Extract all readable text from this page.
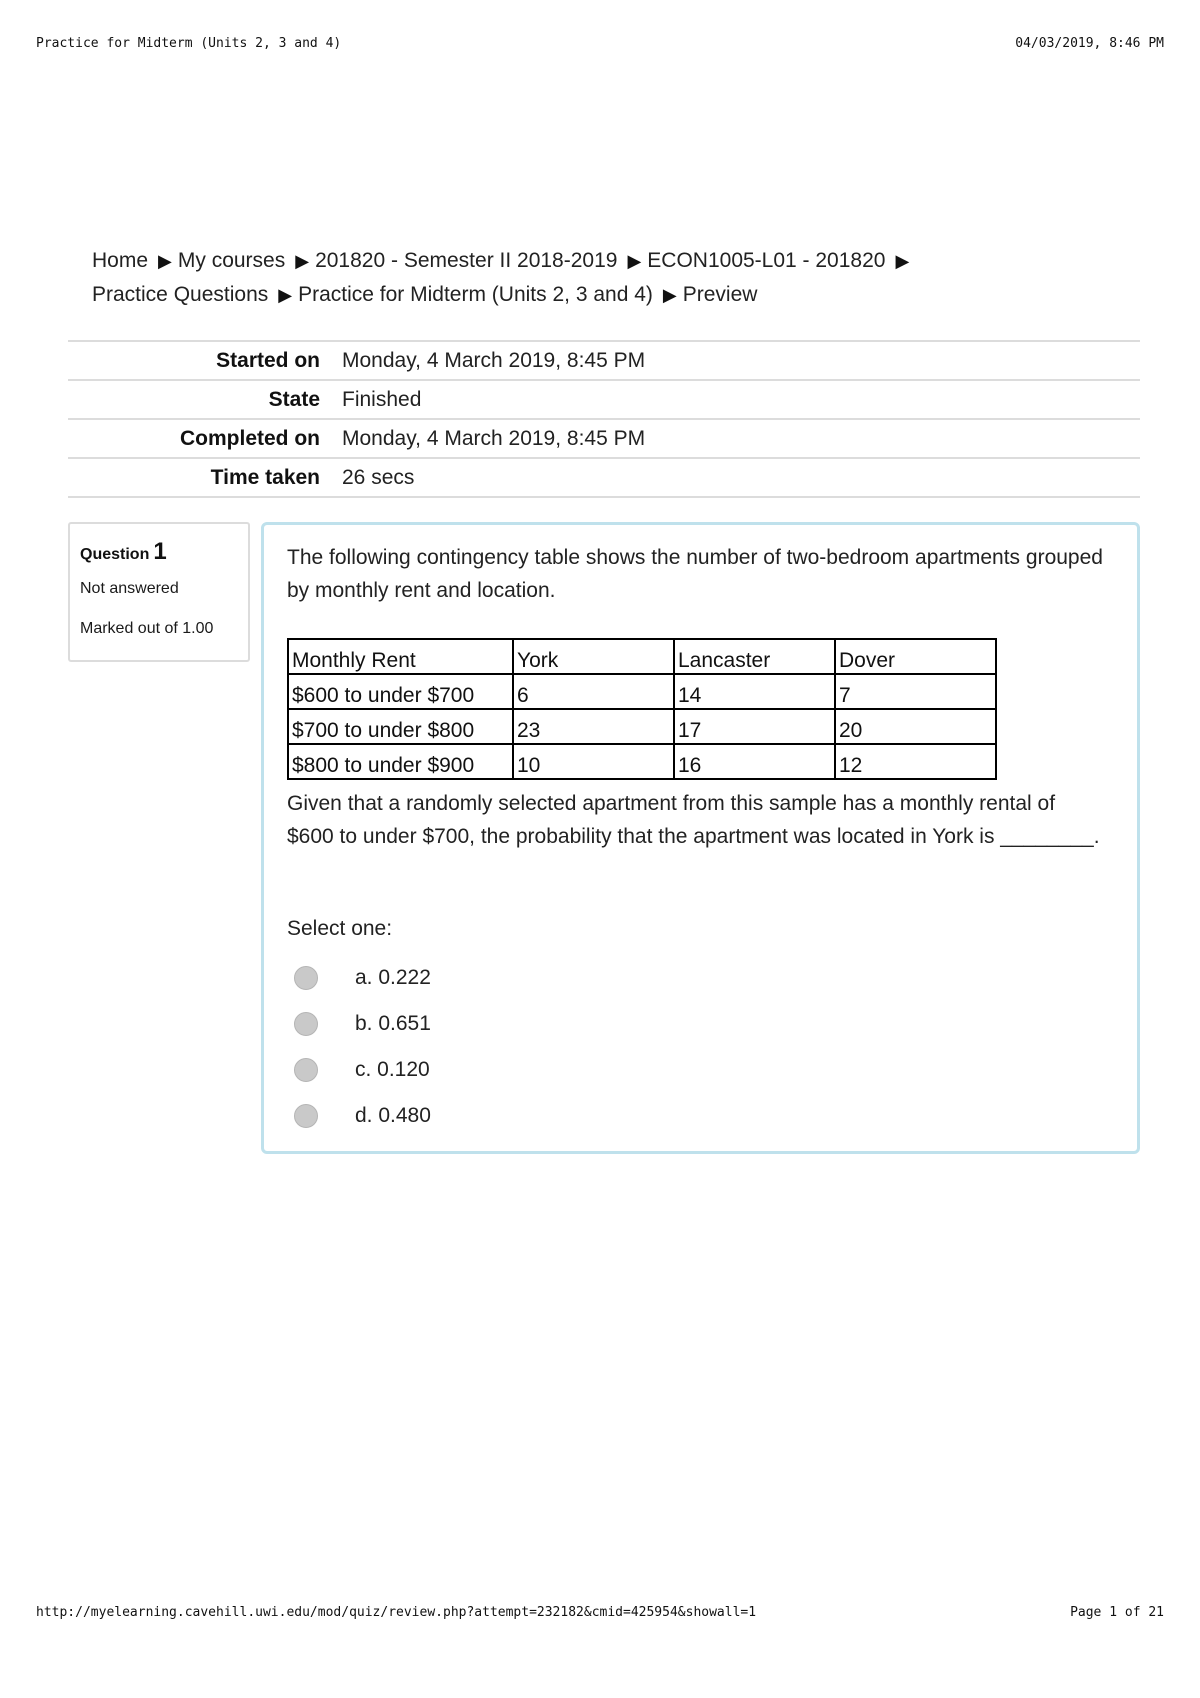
Practice for Midterm (Units 2, 3 and 4)	04/03/2019, 8:46 PM
Home ▶ My courses ▶ 201820 - Semester II 2018-2019 ▶ ECON1005-L01 - 201820 ▶
Practice Questions ▶ Practice for Midterm (Units 2, 3 and 4) ▶ Preview
Started on	Monday, 4 March 2019, 8:45 PM
State	Finished
Completed on	Monday, 4 March 2019, 8:45 PM
Time taken	26 secs
Question 1
Not answered
Marked out of 1.00
The following contingency table shows the number of two-bedroom apartments grouped by monthly rent and location.
Monthly Rent	York	Lancaster	Dover
$600 to under $700	6	14	7
$700 to under $800	23	17	20
$800 to under $900	10	16	12
Given that a randomly selected apartment from this sample has a monthly rental of $600 to under $700, the probability that the apartment was located in York is ________.
Select one:
a. 0.222
b. 0.651
c. 0.120
d. 0.480
http://myelearning.cavehill.uwi.edu/mod/quiz/review.php?attempt=232182&cmid=425954&showall=1	Page 1 of 21
